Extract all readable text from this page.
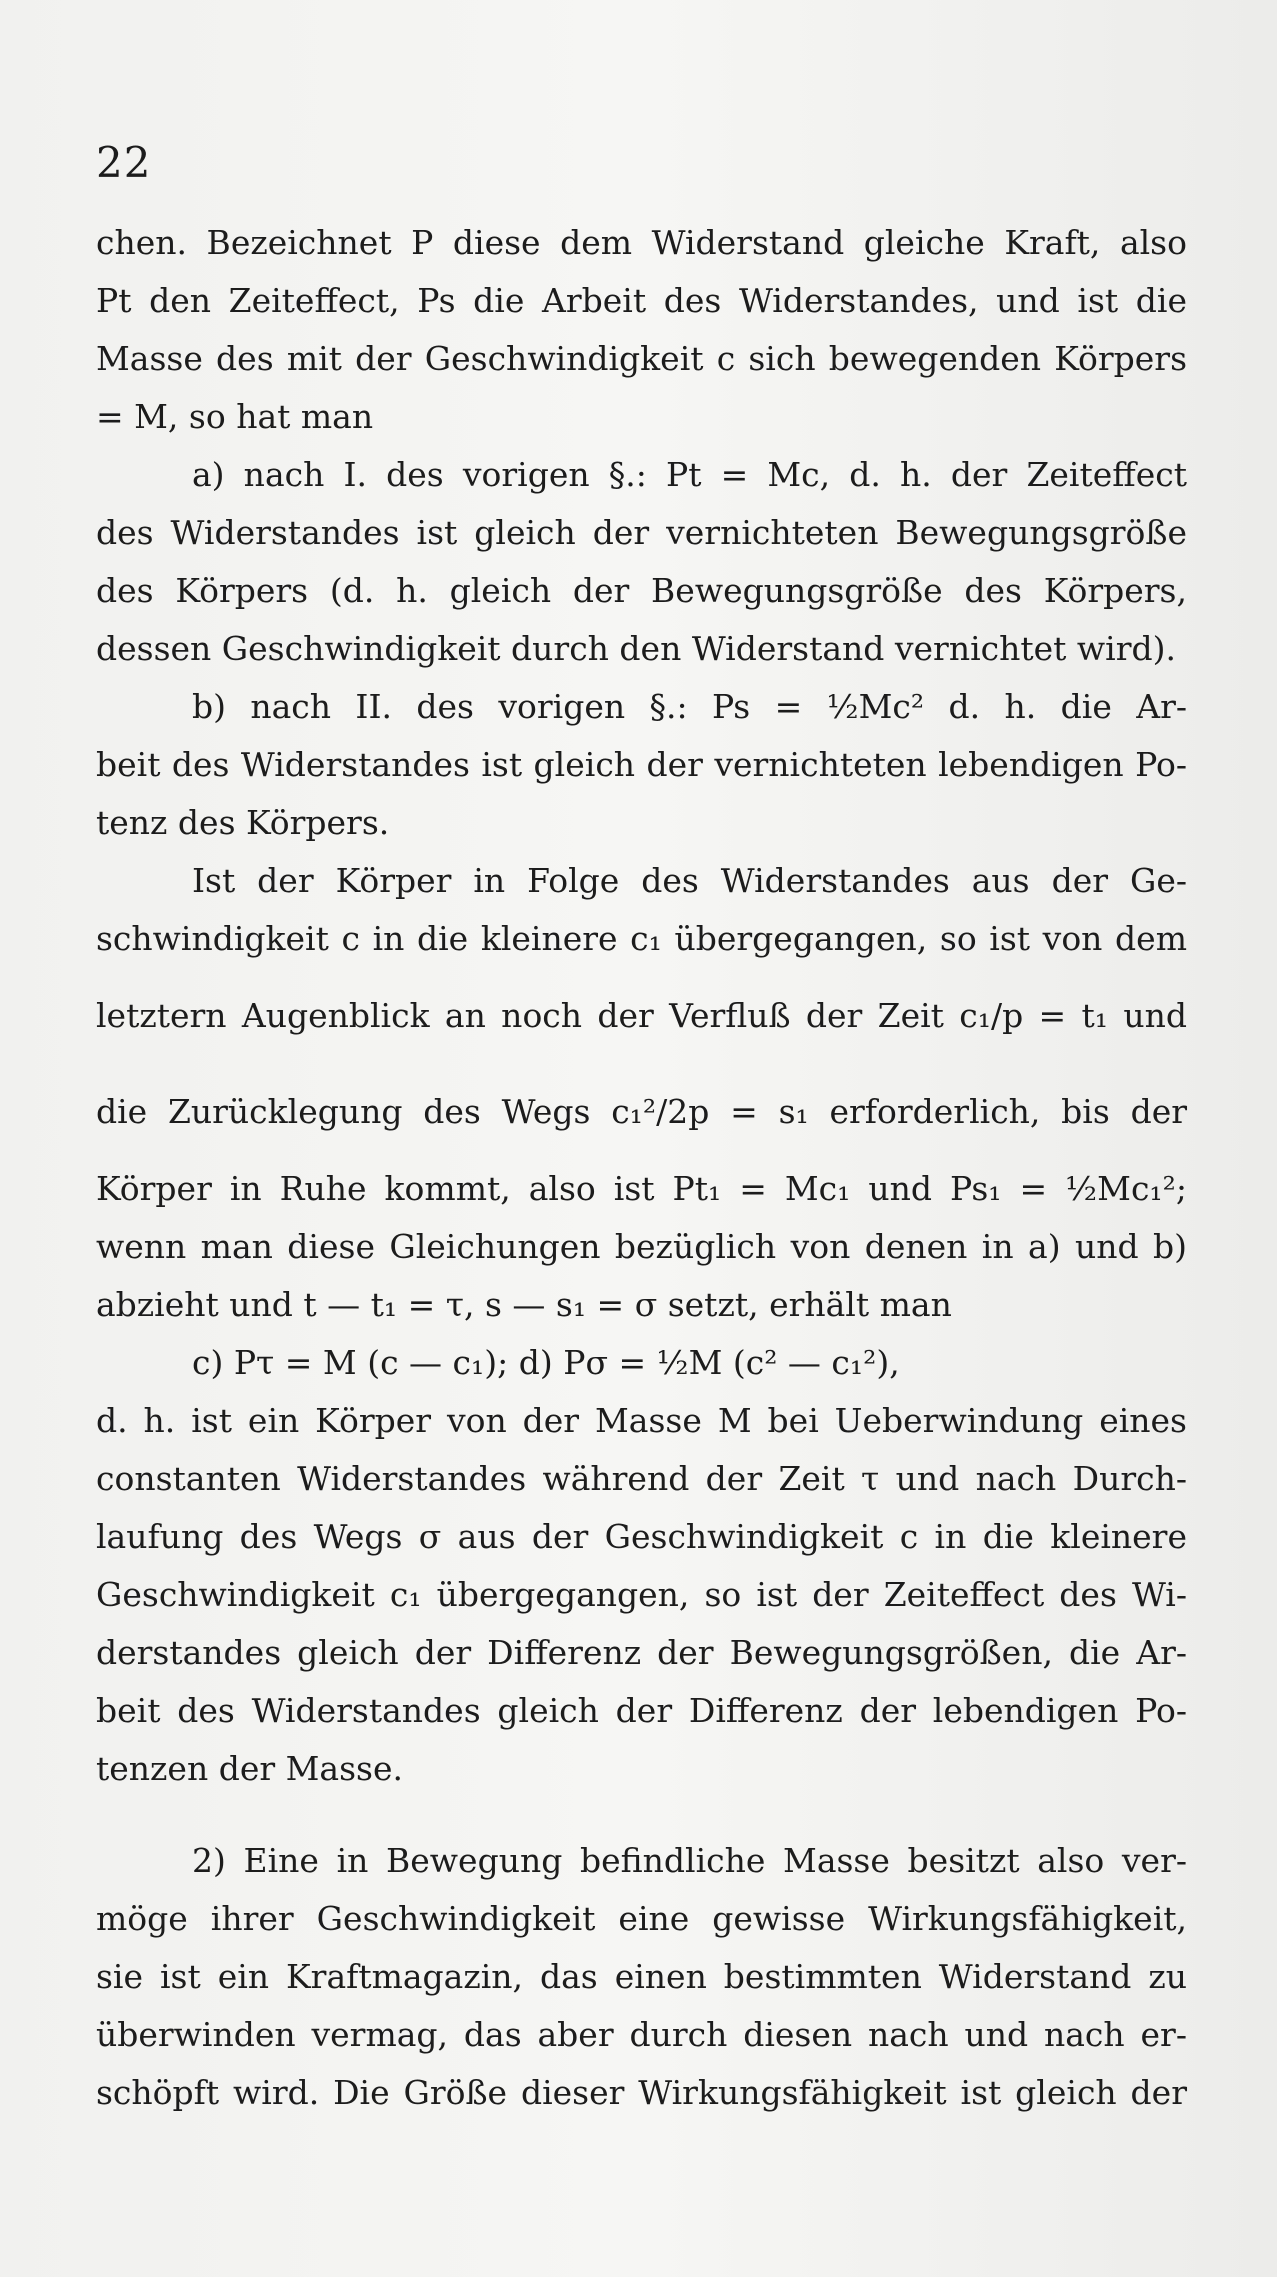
22
chen. Bezeichnet P diese dem Widerstand gleiche Kraft, also
Pt den Zeiteffect, Ps die Arbeit des Widerstandes, und ist die
Masse des mit der Geschwindigkeit c sich bewegenden Körpers
= M, so hat man
a) nach I. des vorigen §.: Pt = Mc, d. h. der Zeiteffect
des Widerstandes ist gleich der vernichteten Bewegungsgröße
des Körpers (d. h. gleich der Bewegungsgröße des Körpers,
dessen Geschwindigkeit durch den Widerstand vernichtet wird).
b) nach II. des vorigen §.: Ps = ½Mc² d. h. die Ar-
beit des Widerstandes ist gleich der vernichteten lebendigen Po-
tenz des Körpers.
Ist der Körper in Folge des Widerstandes aus der Ge-
schwindigkeit c in die kleinere c₁ übergegangen, so ist von dem
letztern Augenblick an noch der Verfluß der Zeit c₁/p = t₁ und
die Zurücklegung des Wegs c₁²/2p = s₁ erforderlich, bis der
Körper in Ruhe kommt, also ist Pt₁ = Mc₁ und Ps₁ = ½Mc₁²;
wenn man diese Gleichungen bezüglich von denen in a) und b)
abzieht und t — t₁ = τ, s — s₁ = σ setzt, erhält man
c) Pτ = M (c — c₁); d) Pσ = ½M (c² — c₁²),
d. h. ist ein Körper von der Masse M bei Ueberwindung eines
constanten Widerstandes während der Zeit τ und nach Durch-
laufung des Wegs σ aus der Geschwindigkeit c in die kleinere
Geschwindigkeit c₁ übergegangen, so ist der Zeiteffect des Wi-
derstandes gleich der Differenz der Bewegungsgrößen, die Ar-
beit des Widerstandes gleich der Differenz der lebendigen Po-
tenzen der Masse.
2) Eine in Bewegung befindliche Masse besitzt also ver-
möge ihrer Geschwindigkeit eine gewisse Wirkungsfähigkeit,
sie ist ein Kraftmagazin, das einen bestimmten Widerstand zu
überwinden vermag, das aber durch diesen nach und nach er-
schöpft wird. Die Größe dieser Wirkungsfähigkeit ist gleich der
